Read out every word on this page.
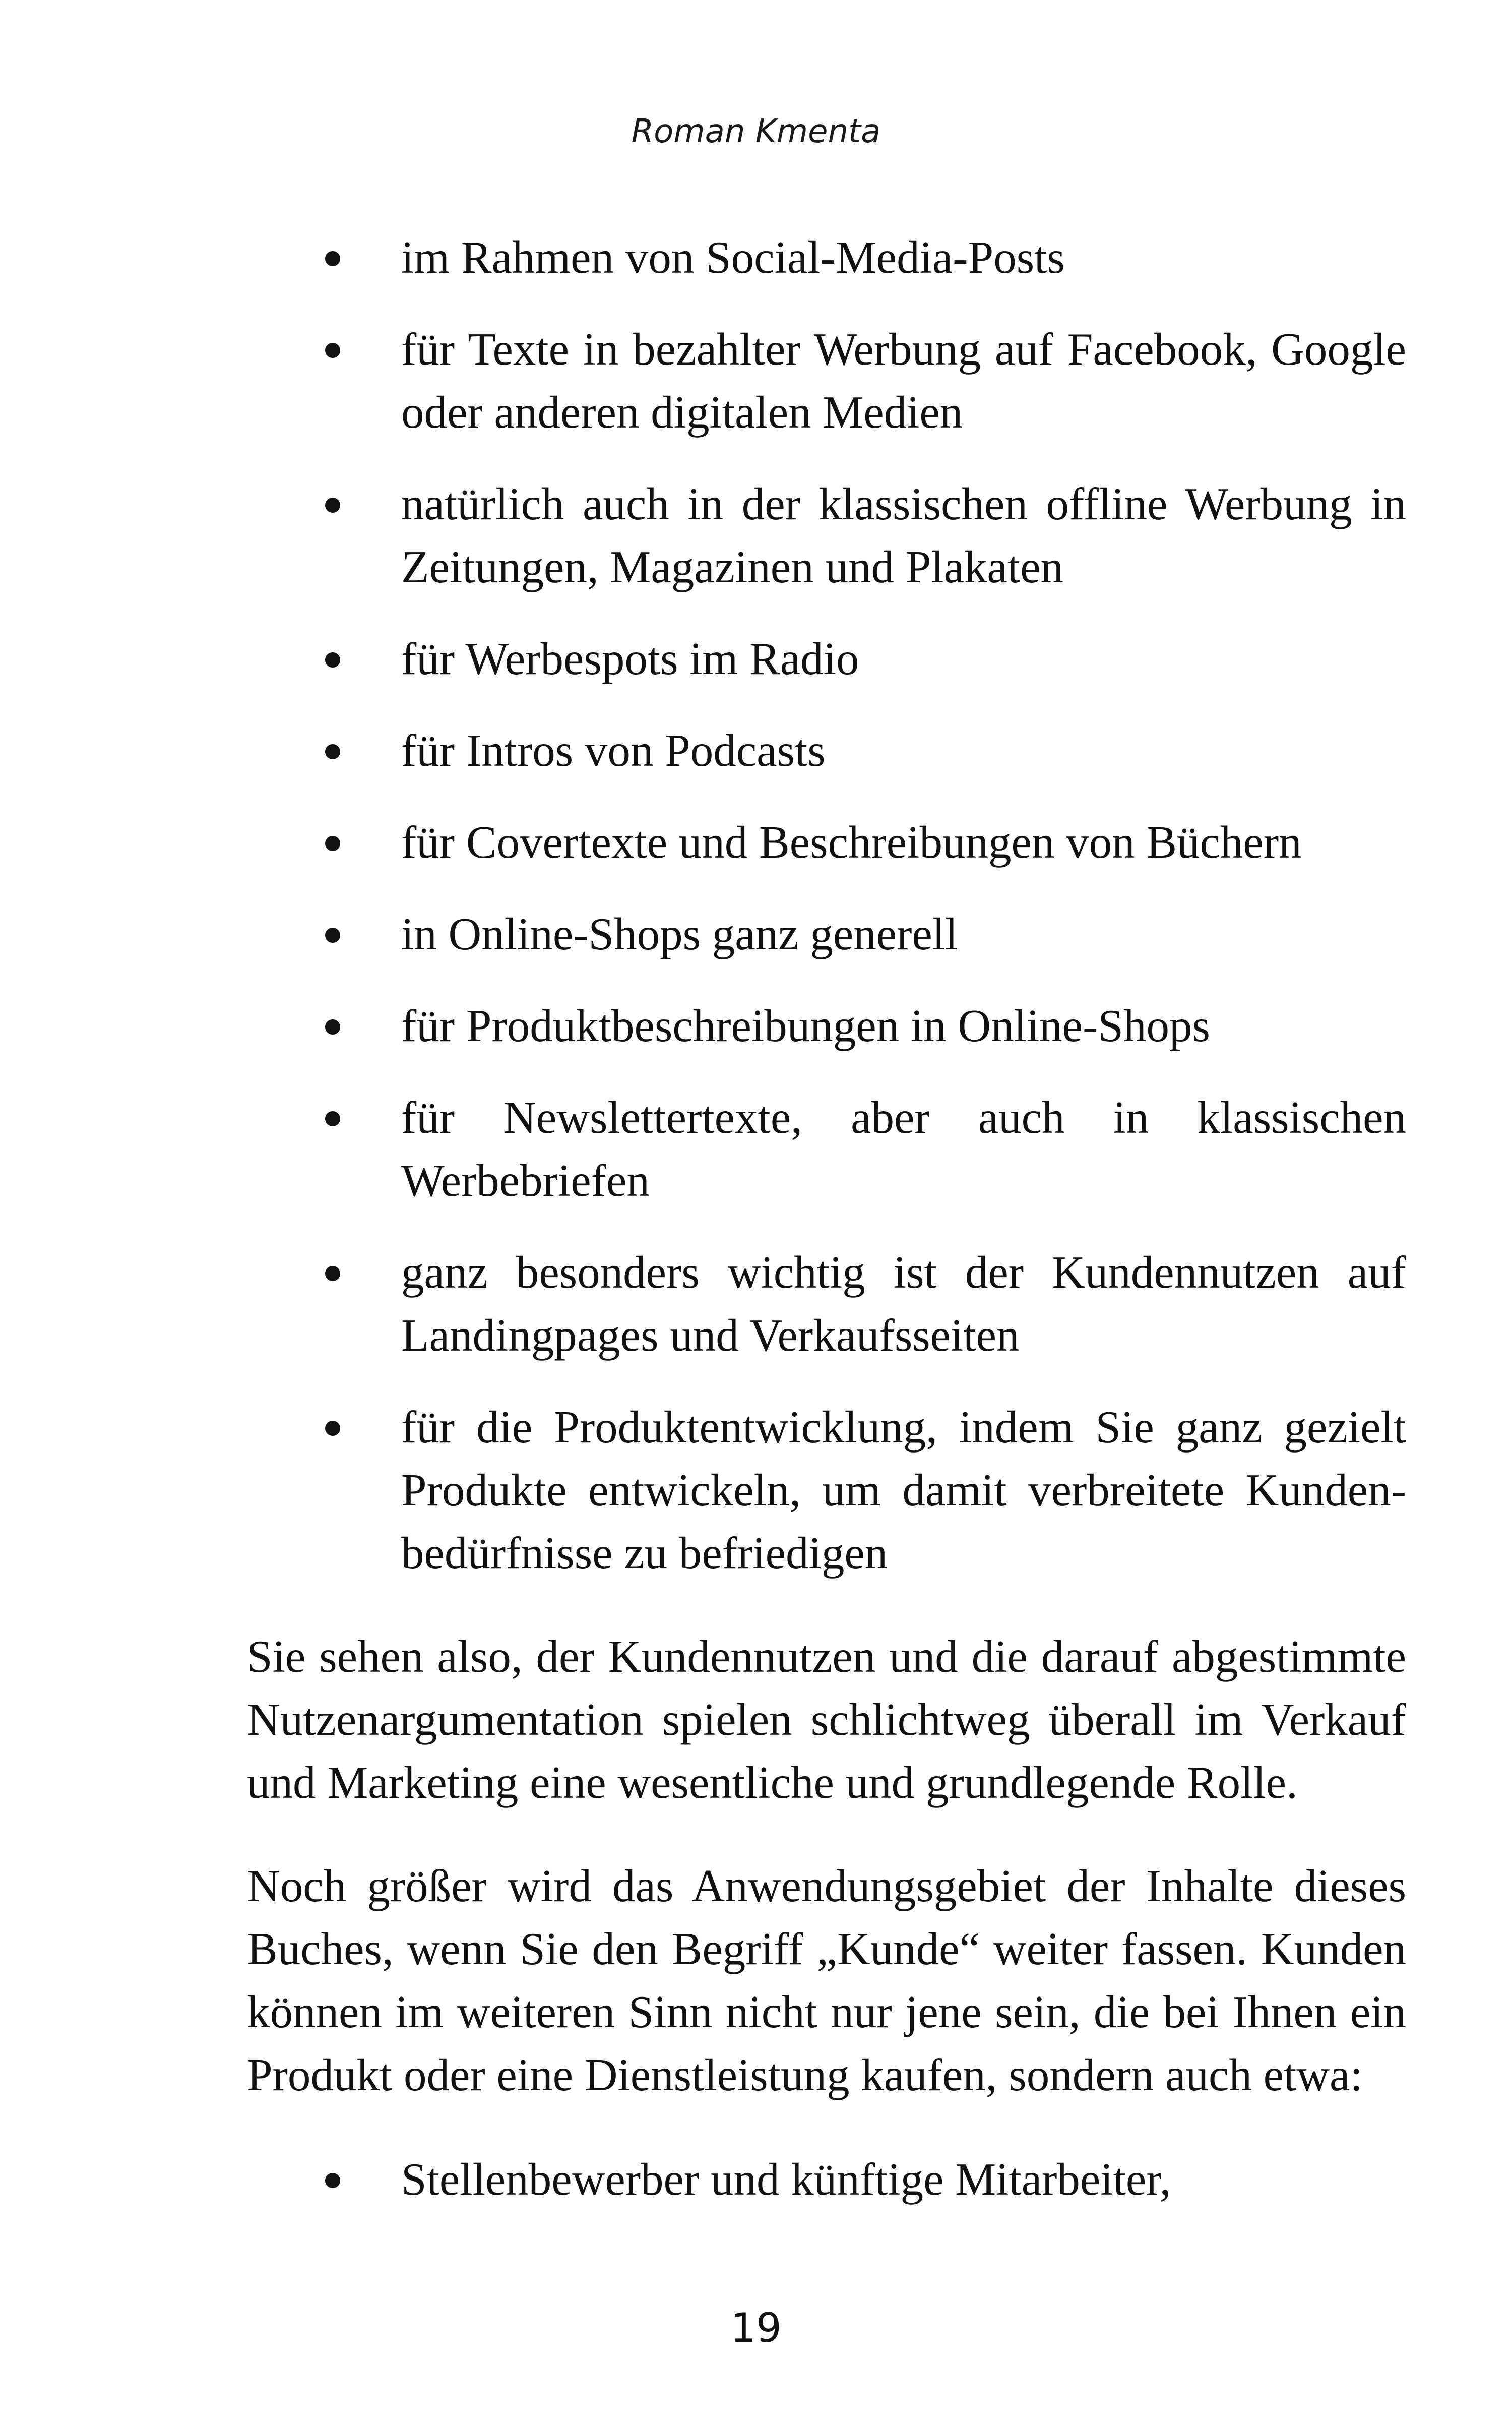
Roman Kmenta
im Rahmen von Social-Media-Posts
für Texte in bezahlter Werbung auf Facebook, Google oder anderen digitalen Medien
natürlich auch in der klassischen offline Werbung in Zeitungen, Magazinen und Plakaten
für Werbespots im Radio
für Intros von Podcasts
für Covertexte und Beschreibungen von Büchern
in Online-Shops ganz generell
für Produktbeschreibungen in Online-Shops
für Newslettertexte, aber auch in klassischen Werbebriefen
ganz besonders wichtig ist der Kundennutzen auf Landingpages und Verkaufsseiten
für die Produktentwicklung, indem Sie ganz gezielt Produkte entwickeln, um damit verbreitete Kundenbedürfnisse zu befriedigen

Sie sehen also, der Kundennutzen und die darauf abgestimmte Nutzenargumentation spielen schlichtweg überall im Verkauf und Marketing eine wesentliche und grundlegende Rolle.

Noch größer wird das Anwendungsgebiet der Inhalte dieses Buches, wenn Sie den Begriff „Kunde“ weiter fassen. Kunden können im weiteren Sinn nicht nur jene sein, die bei Ihnen ein Produkt oder eine Dienstleistung kaufen, sondern auch etwa:

Stellenbewerber und künftige Mitarbeiter,
19
